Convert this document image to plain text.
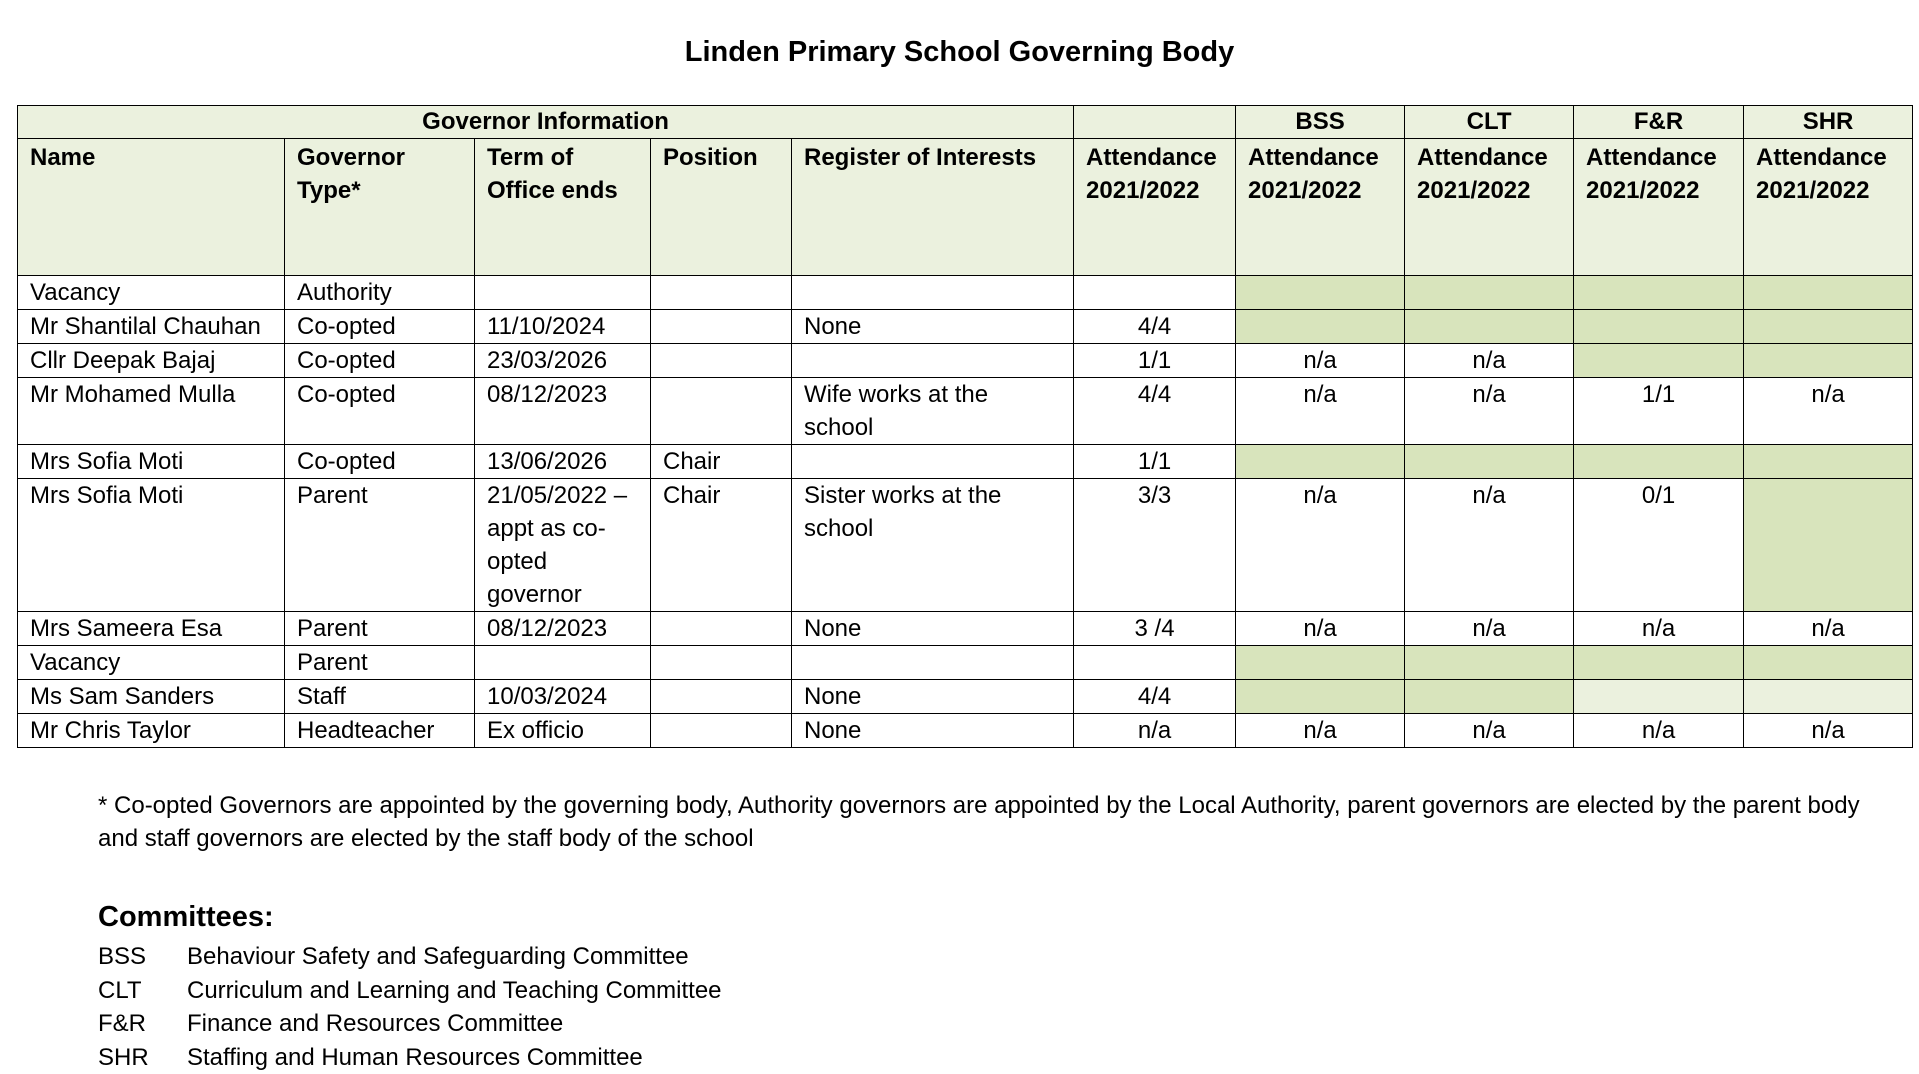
Linden Primary School Governing Body
Governor Information						BSS	CLT	F&R	SHR
Name	Governor Type*	Term of Office ends	Position	Register of Interests	Attendance 2021/2022	Attendance 2021/2022	Attendance 2021/2022	Attendance 2021/2022	Attendance 2021/2022
Vacancy	Authority								
Mr Shantilal Chauhan	Co-opted	11/10/2024		None	4/4				
Cllr Deepak Bajaj	Co-opted	23/03/2026			1/1	n/a	n/a		
Mr Mohamed Mulla	Co-opted	08/12/2023		Wife works at the school	4/4	n/a	n/a	1/1	n/a
Mrs Sofia Moti	Co-opted	13/06/2026	Chair		1/1				
Mrs Sofia Moti	Parent	21/05/2022 – appt as co-opted governor	Chair	Sister works at the school	3/3	n/a	n/a	0/1	
Mrs Sameera Esa	Parent	08/12/2023		None	3 /4	n/a	n/a	n/a	n/a
Vacancy	Parent								
Ms Sam Sanders	Staff	10/03/2024		None	4/4				
Mr Chris Taylor	Headteacher	Ex officio		None	n/a	n/a	n/a	n/a	n/a

* Co-opted Governors are appointed by the governing body, Authority governors are appointed by the Local Authority, parent governors are elected by the parent body and staff governors are elected by the staff body of the school

Committees:
BSS	Behaviour Safety and Safeguarding Committee
CLT	Curriculum and Learning and Teaching Committee
F&R	Finance and Resources Committee
SHR	Staffing and Human Resources Committee
